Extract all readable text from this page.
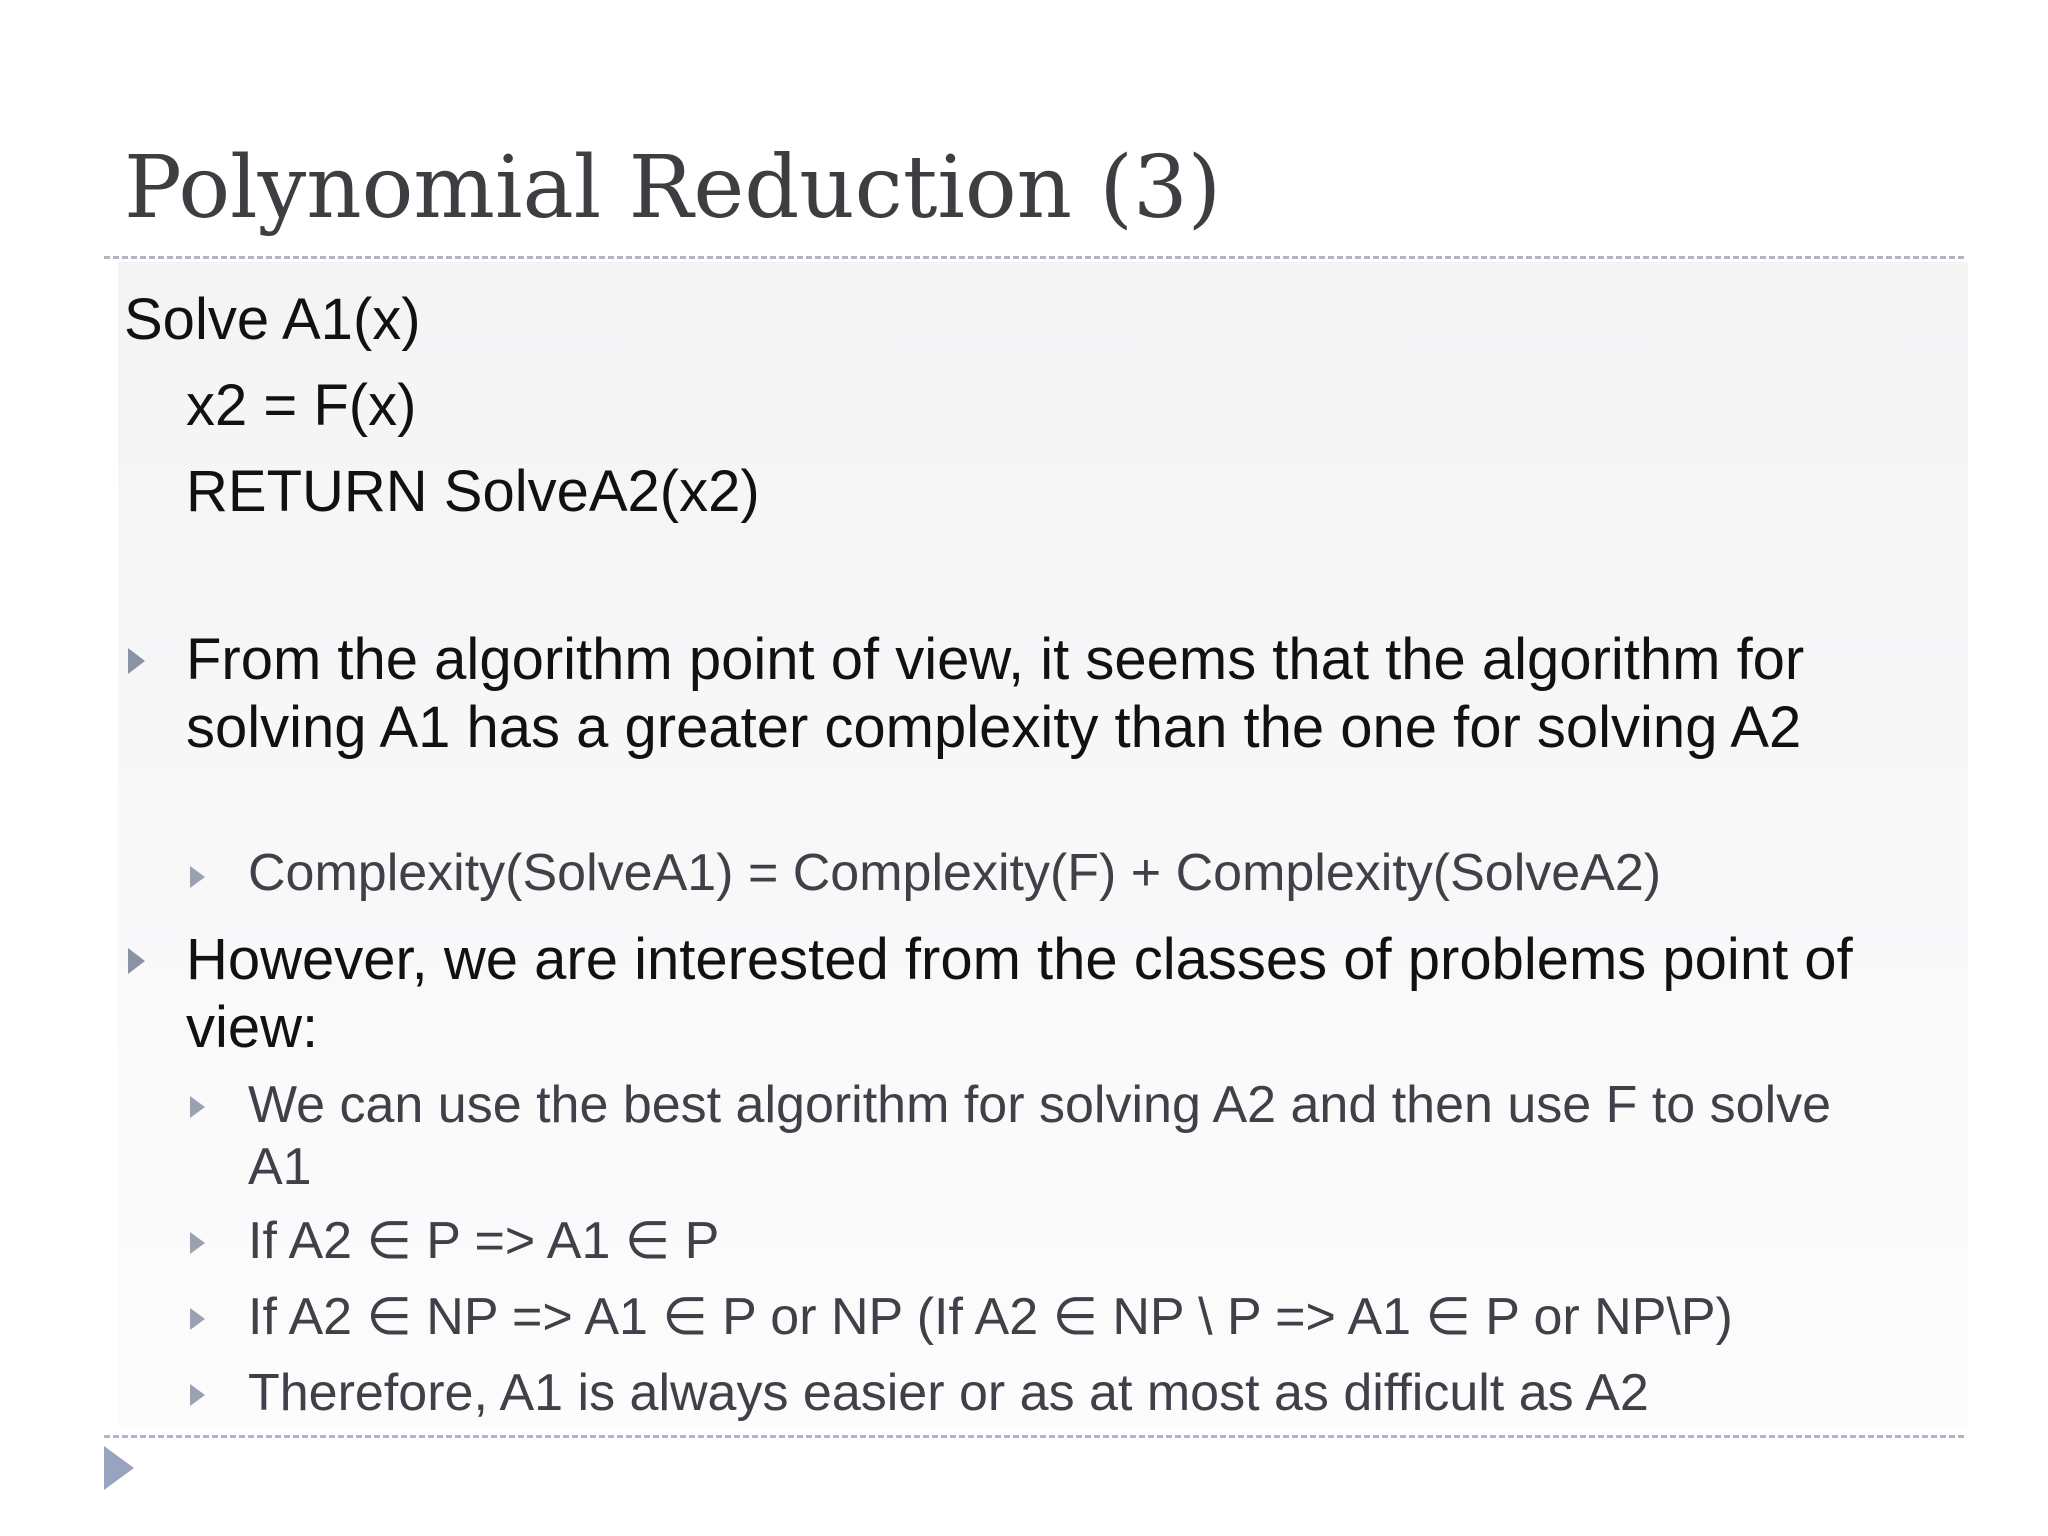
Polynomial Reduction (3)
Solve A1(x)
x2 = F(x)
RETURN SolveA2(x2)
From the algorithm point of view, it seems that the algorithm for solving A1 has a greater complexity than the one for solving A2
Complexity(SolveA1) = Complexity(F) + Complexity(SolveA2)
However, we are interested from the classes of problems point of view:
We can use the best algorithm for solving A2 and then use F to solve A1
If A2 ∈ P => A1 ∈ P
If A2 ∈ NP => A1 ∈ P or NP (If A2 ∈ NP \ P => A1 ∈ P or NP\P)
Therefore, A1 is always easier or as at most as difficult as A2
